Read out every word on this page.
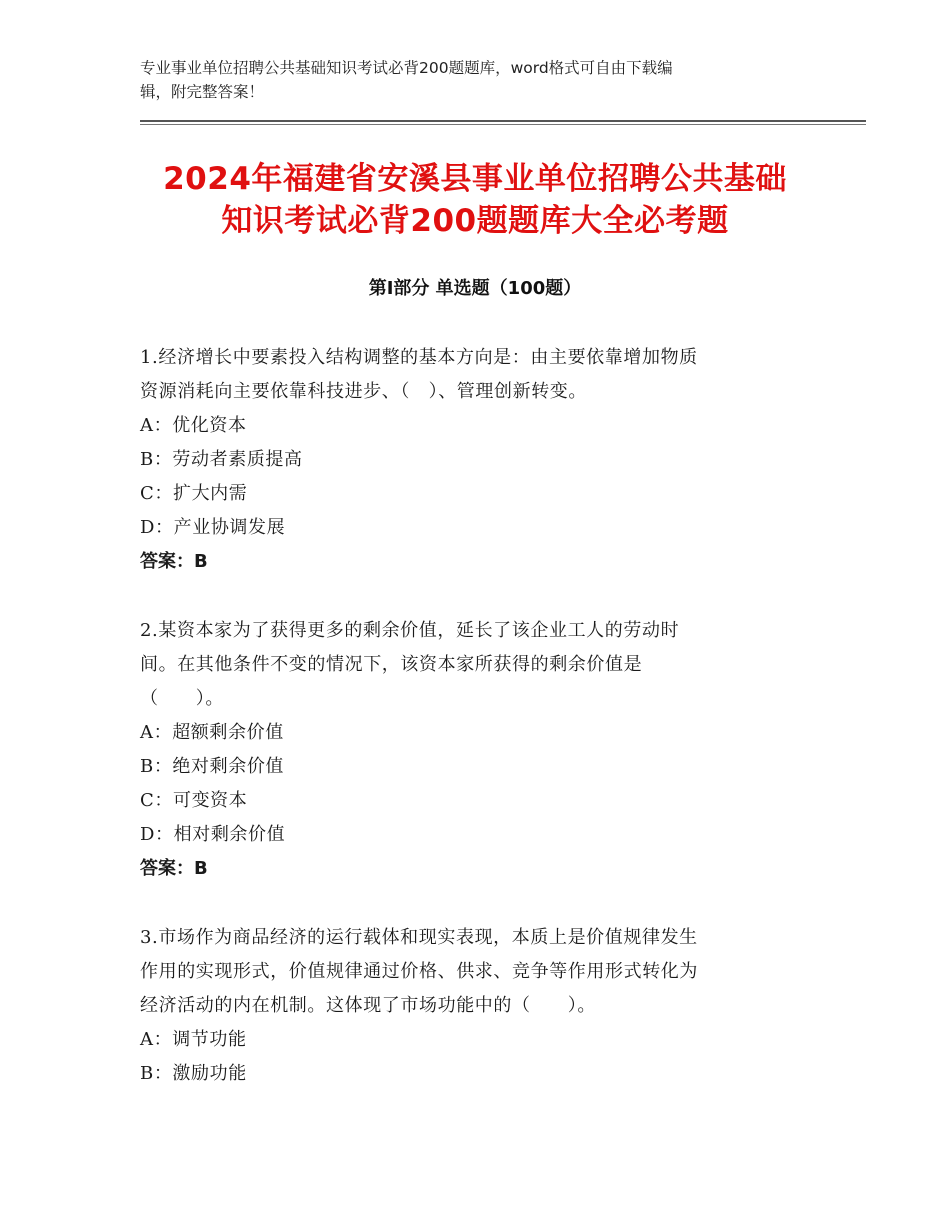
专业事业单位招聘公共基础知识考试必背200题题库，word格式可自由下载编
辑，附完整答案！
2024年福建省安溪县事业单位招聘公共基础
知识考试必背200题题库大全必考题
第Ⅰ部分 单选题（100题）

1.经济增长中要素投入结构调整的基本方向是：由主要依靠增加物质

资源消耗向主要依靠科技进步、（　）、管理创新转变。

A：优化资本

B：劳动者素质提高

C：扩大内需

D：产业协调发展

答案：B

2.某资本家为了获得更多的剩余价值，延长了该企业工人的劳动时

间。在其他条件不变的情况下，该资本家所获得的剩余价值是

（　　）。

A：超额剩余价值

B：绝对剩余价值

C：可变资本

D：相对剩余价值

答案：B

3.市场作为商品经济的运行载体和现实表现，本质上是价值规律发生

作用的实现形式，价值规律通过价格、供求、竞争等作用形式转化为

经济活动的内在机制。这体现了市场功能中的（　　）。

A：调节功能

B：激励功能
